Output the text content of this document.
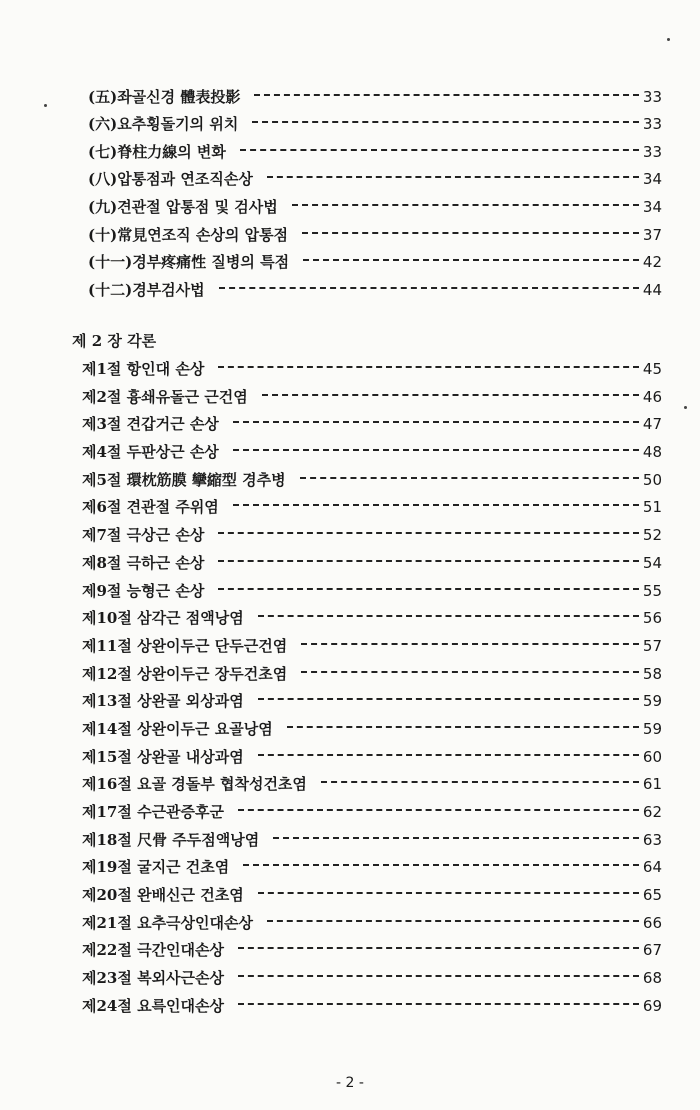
(五)좌골신경 體表投影	33
(六)요추횡돌기의 위치	33
(七)脊柱力線의 변화	33
(八)압통점과 연조직손상	34
(九)견관절 압통점 및 검사법	34
(十)常見연조직 손상의 압통점	37
(十一)경부疼痛性 질병의 특점	42
(十二)경부검사법	44
제 2 장 각론
제1절 항인대 손상	45
제2절 흉쇄유돌근 근건염	46
제3절 견갑거근 손상	47
제4절 두판상근 손상	48
제5절 環枕筋膜 攣縮型 경추병	50
제6절 견관절 주위염	51
제7절 극상근 손상	52
제8절 극하근 손상	54
제9절 능형근 손상	55
제10절 삼각근 점액낭염	56
제11절 상완이두근 단두근건염	57
제12절 상완이두근 장두건초염	58
제13절 상완골 외상과염	59
제14절 상완이두근 요골낭염	59
제15절 상완골 내상과염	60
제16절 요골 경돌부 협착성건초염	61
제17절 수근관증후군	62
제18절 尺骨 주두점액낭염	63
제19절 굴지근 건초염	64
제20절 완배신근 건초염	65
제21절 요추극상인대손상	66
제22절 극간인대손상	67
제23절 복외사근손상	68
제24절 요륵인대손상	69
- 2 -
